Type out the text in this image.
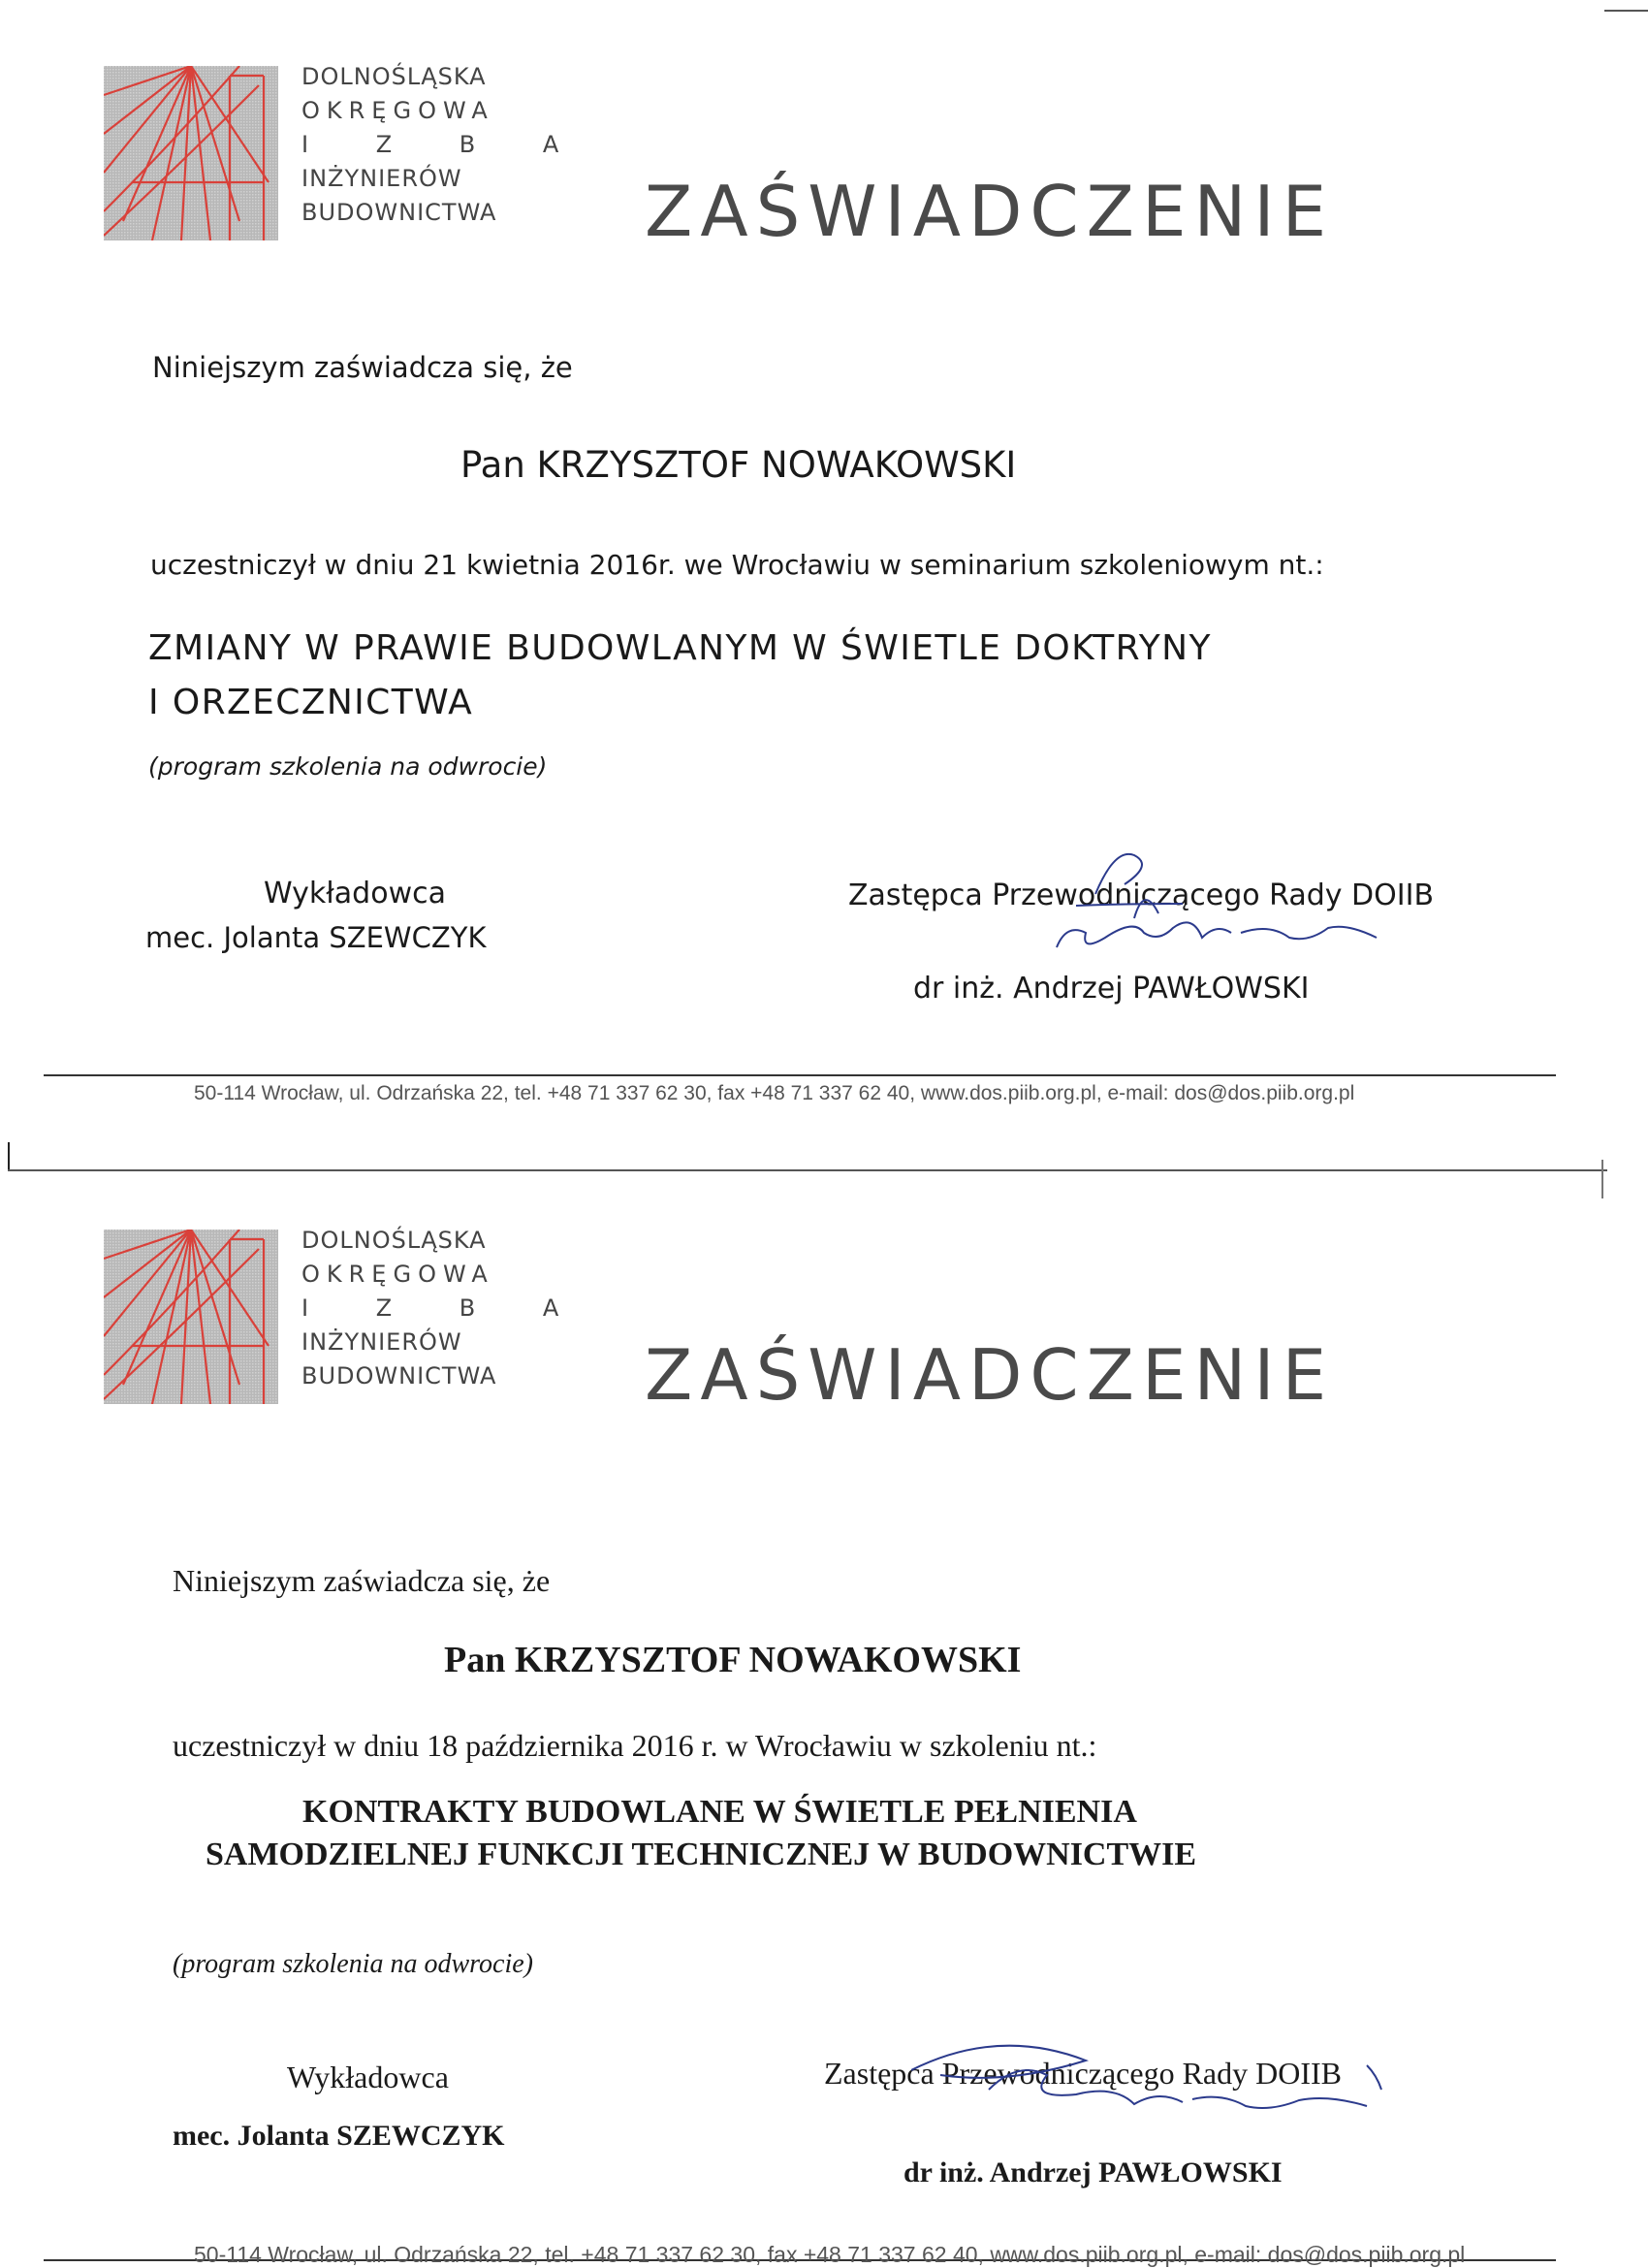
DOLNOŚLĄSKA
OKRĘGOWA
I Z B A
INŻYNIERÓW
BUDOWNICTWA	ZAŚWIADCZENIE
Niniejszym zaświadcza się, że
Pan KRZYSZTOF NOWAKOWSKI
uczestniczył w dniu 21 kwietnia 2016r. we Wrocławiu w seminarium szkoleniowym nt.:
ZMIANY W PRAWIE BUDOWLANYM W ŚWIETLE DOKTRYNY
I ORZECZNICTWA
(program szkolenia na odwrocie)
Wykładowca
mec. Jolanta SZEWCZYK
Zastępca Przewodniczącego Rady DOIIB
dr inż. Andrzej PAWŁOWSKI
50-114 Wrocław, ul. Odrzańska 22, tel. +48 71 337 62 30, fax +48 71 337 62 40, www.dos.piib.org.pl, e-mail: dos@dos.piib.org.pl
DOLNOŚLĄSKA
OKRĘGOWA
I Z B A
INŻYNIERÓW
BUDOWNICTWA	ZAŚWIADCZENIE
Niniejszym zaświadcza się, że
Pan KRZYSZTOF NOWAKOWSKI
uczestniczył w dniu 18 października 2016 r. w Wrocławiu w szkoleniu nt.:
KONTRAKTY BUDOWLANE W ŚWIETLE PEŁNIENIA
SAMODZIELNEJ FUNKCJI TECHNICZNEJ W BUDOWNICTWIE
(program szkolenia na odwrocie)
Wykładowca
mec. Jolanta SZEWCZYK
Zastępca Przewodniczącego Rady DOIIB
dr inż. Andrzej PAWŁOWSKI
50-114 Wrocław, ul. Odrzańska 22, tel. +48 71 337 62 30, fax +48 71 337 62 40, www.dos.piib.org.pl, e-mail: dos@dos.piib.org.pl
